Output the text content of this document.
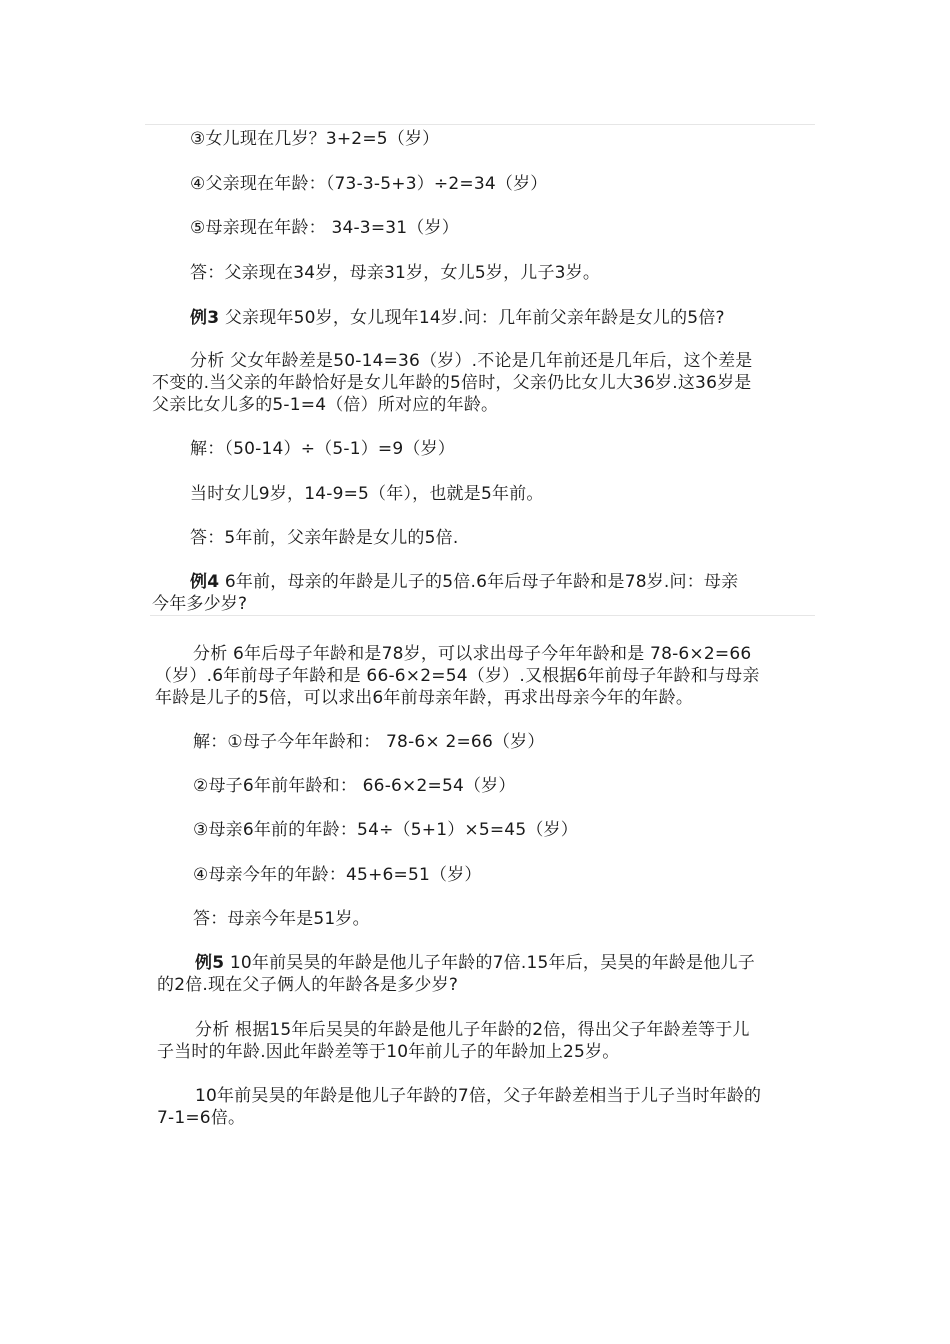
③女儿现在几岁？3+2=5（岁）

④父亲现在年龄：（73-3-5+3）÷2=34（岁）

⑤母亲现在年龄： 34-3=31（岁）

答：父亲现在34岁，母亲31岁，女儿5岁，儿子3岁。

例3 父亲现年50岁，女儿现年14岁.问：几年前父亲年龄是女儿的5倍?

分析 父女年龄差是50-14=36（岁）.不论是几年前还是几年后，这个差是

不变的.当父亲的年龄恰好是女儿年龄的5倍时，父亲仍比女儿大36岁.这36岁是

父亲比女儿多的5-1=4（倍）所对应的年龄。

解：（50-14）÷（5-1）=9（岁）

当时女儿9岁，14-9=5（年），也就是5年前。

答：5年前，父亲年龄是女儿的5倍.

例4 6年前，母亲的年龄是儿子的5倍.6年后母子年龄和是78岁.问：母亲

今年多少岁?

分析 6年后母子年龄和是78岁，可以求出母子今年年龄和是 78-6×2=66

（岁）.6年前母子年龄和是 66-6×2=54（岁）.又根据6年前母子年龄和与母亲

年龄是儿子的5倍，可以求出6年前母亲年龄，再求出母亲今年的年龄。

解：①母子今年年龄和： 78-6× 2=66（岁）

②母子6年前年龄和： 66-6×2=54（岁）

③母亲6年前的年龄：54÷（5+1）×5=45（岁）

④母亲今年的年龄：45+6=51（岁）

答：母亲今年是51岁。

例5 10年前吴昊的年龄是他儿子年龄的7倍.15年后，吴昊的年龄是他儿子

的2倍.现在父子俩人的年龄各是多少岁?

分析 根据15年后吴昊的年龄是他儿子年龄的2倍，得出父子年龄差等于儿

子当时的年龄.因此年龄差等于10年前儿子的年龄加上25岁。

10年前吴昊的年龄是他儿子年龄的7倍，父子年龄差相当于儿子当时年龄的

7-1=6倍。
